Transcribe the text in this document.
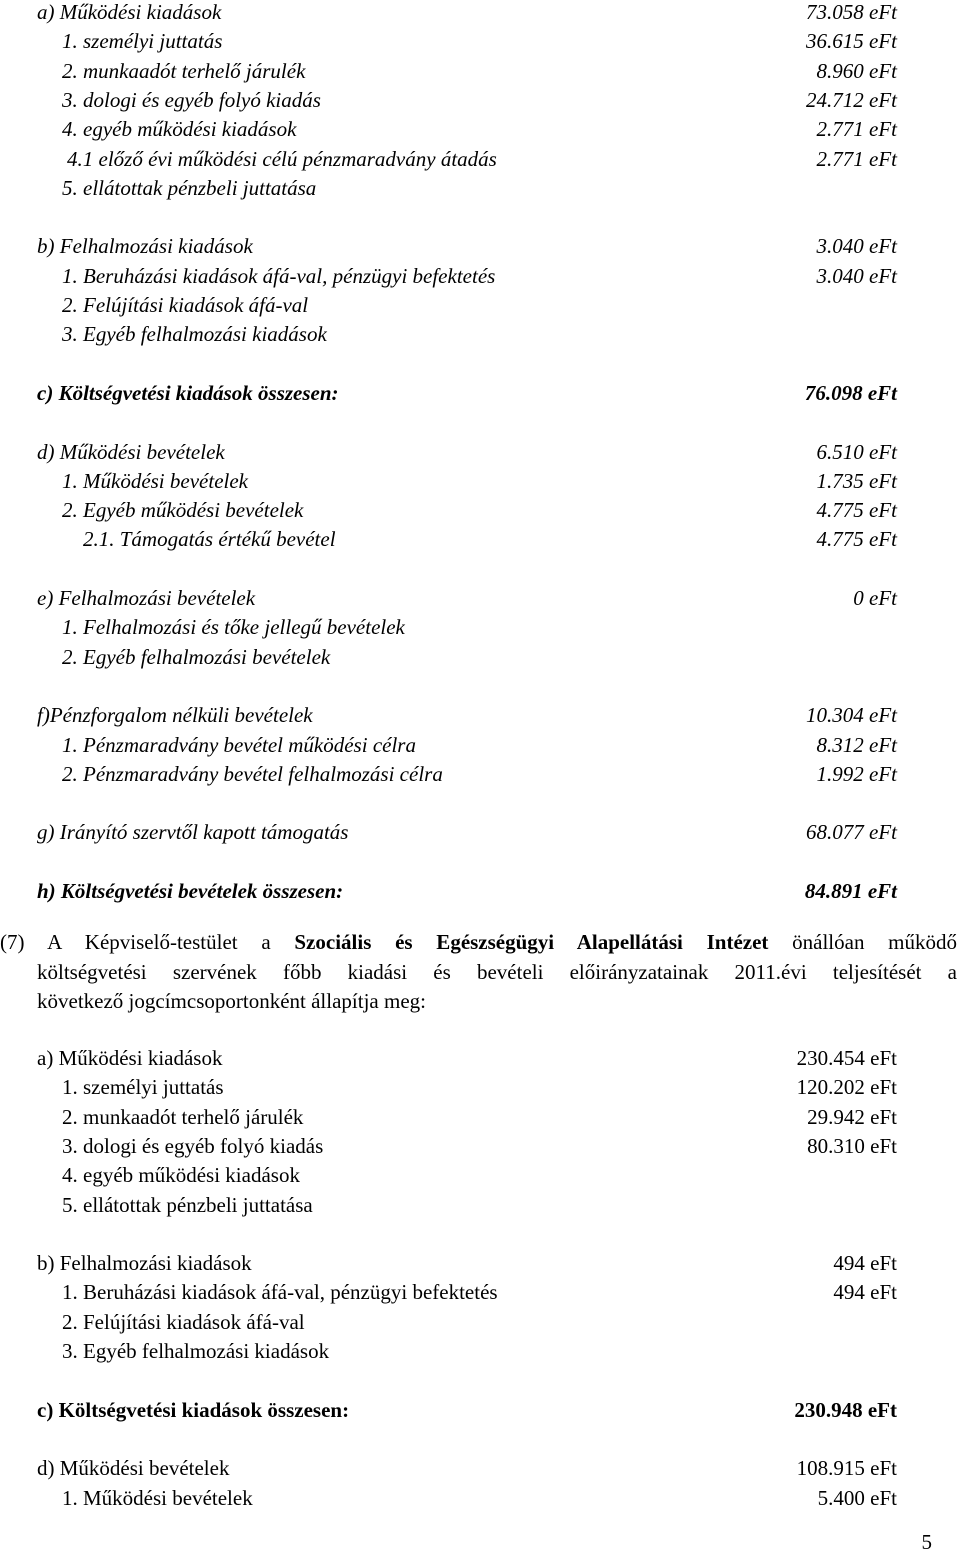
a) Működési kiadások	73.058 eFt
1. személyi juttatás	36.615 eFt
2. munkaadót terhelő járulék	8.960 eFt
3. dologi és egyéb folyó kiadás	24.712 eFt
4. egyéb működési kiadások	2.771 eFt
4.1 előző évi működési célú pénzmaradvány átadás	2.771 eFt
5. ellátottak pénzbeli juttatása
b) Felhalmozási kiadások	3.040 eFt
1. Beruházási kiadások áfá-val, pénzügyi befektetés	3.040 eFt
2. Felújítási kiadások áfá-val
3. Egyéb felhalmozási kiadások
c) Költségvetési kiadások összesen:	76.098 eFt
d) Működési bevételek	6.510 eFt
1. Működési bevételek	1.735 eFt
2. Egyéb működési bevételek	4.775 eFt
2.1. Támogatás értékű bevétel	4.775 eFt
e) Felhalmozási bevételek	0 eFt
1. Felhalmozási és tőke jellegű bevételek
2. Egyéb felhalmozási bevételek
f)Pénzforgalom nélküli bevételek	10.304 eFt
1. Pénzmaradvány bevétel működési célra	8.312 eFt
2. Pénzmaradvány bevétel felhalmozási célra	1.992 eFt
g) Irányító szervtől kapott támogatás	68.077 eFt
h) Költségvetési bevételek összesen:	84.891 eFt
(7) A Képviselő-testület a Szociális és Egészségügyi Alapellátási Intézet önállóan működő
költségvetési szervének főbb kiadási és bevételi előirányzatainak 2011.évi teljesítését a
következő jogcímcsoportonként állapítja meg:
a) Működési kiadások	230.454 eFt
1. személyi juttatás	120.202 eFt
2. munkaadót terhelő járulék	29.942 eFt
3. dologi és egyéb folyó kiadás	80.310 eFt
4. egyéb működési kiadások
5. ellátottak pénzbeli juttatása
b) Felhalmozási kiadások	494 eFt
1. Beruházási kiadások áfá-val, pénzügyi befektetés	494 eFt
2. Felújítási kiadások áfá-val
3. Egyéb felhalmozási kiadások
c) Költségvetési kiadások összesen:	230.948 eFt
d) Működési bevételek	108.915 eFt
1. Működési bevételek	5.400 eFt
5
